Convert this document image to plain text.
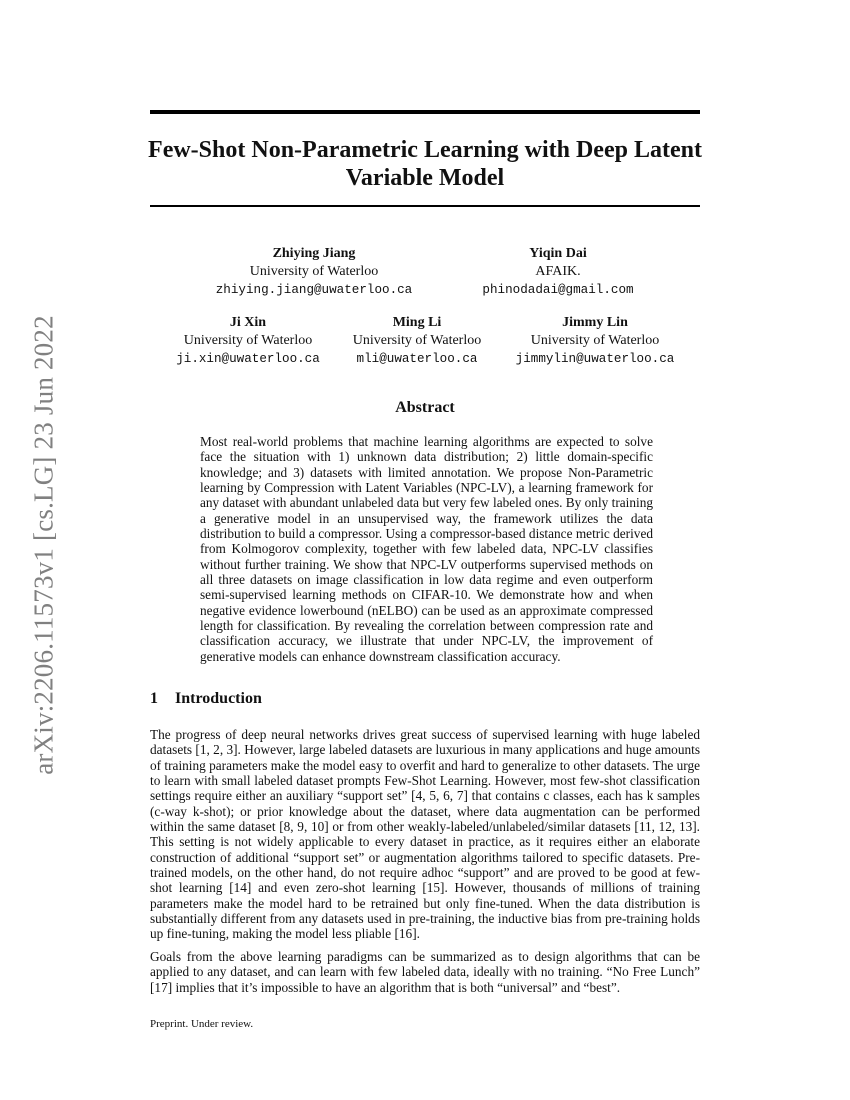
arXiv:2206.11573v1 [cs.LG] 23 Jun 2022
Few-Shot Non-Parametric Learning with Deep Latent Variable Model
Zhiying Jiang
University of Waterloo
zhiying.jiang@uwaterloo.ca
Yiqin Dai
AFAIK.
phinodadai@gmail.com
Ji Xin
University of Waterloo
ji.xin@uwaterloo.ca
Ming Li
University of Waterloo
mli@uwaterloo.ca
Jimmy Lin
University of Waterloo
jimmylin@uwaterloo.ca
Abstract

Most real-world problems that machine learning algorithms are expected to solve face the situation with 1) unknown data distribution; 2) little domain-specific knowledge; and 3) datasets with limited annotation. We propose Non-Parametric learning by Compression with Latent Variables (NPC-LV), a learning framework for any dataset with abundant unlabeled data but very few labeled ones. By only training a generative model in an unsupervised way, the framework utilizes the data distribution to build a compressor. Using a compressor-based distance metric derived from Kolmogorov complexity, together with few labeled data, NPC-LV classifies without further training. We show that NPC-LV outperforms supervised methods on all three datasets on image classification in low data regime and even outperform semi-supervised learning methods on CIFAR-10. We demonstrate how and when negative evidence lowerbound (nELBO) can be used as an approximate compressed length for classification. By revealing the correlation between compression rate and classification accuracy, we illustrate that under NPC-LV, the improvement of generative models can enhance downstream classification accuracy.

1 Introduction

The progress of deep neural networks drives great success of supervised learning with huge labeled datasets [1, 2, 3]. However, large labeled datasets are luxurious in many applications and huge amounts of training parameters make the model easy to overfit and hard to generalize to other datasets. The urge to learn with small labeled dataset prompts Few-Shot Learning. However, most few-shot classification settings require either an auxiliary “support set” [4, 5, 6, 7] that contains c classes, each has k samples (c-way k-shot); or prior knowledge about the dataset, where data augmentation can be performed within the same dataset [8, 9, 10] or from other weakly-labeled/unlabeled/similar datasets [11, 12, 13]. This setting is not widely applicable to every dataset in practice, as it requires either an elaborate construction of additional “support set” or augmentation algorithms tailored to specific datasets. Pre-trained models, on the other hand, do not require adhoc “support” and are proved to be good at few-shot learning [14] and even zero-shot learning [15]. However, thousands of millions of training parameters make the model hard to be retrained but only fine-tuned. When the data distribution is substantially different from any datasets used in pre-training, the inductive bias from pre-training holds up fine-tuning, making the model less pliable [16].

Goals from the above learning paradigms can be summarized as to design algorithms that can be applied to any dataset, and can learn with few labeled data, ideally with no training. “No Free Lunch” [17] implies that it’s impossible to have an algorithm that is both “universal” and “best”.

Preprint. Under review.
